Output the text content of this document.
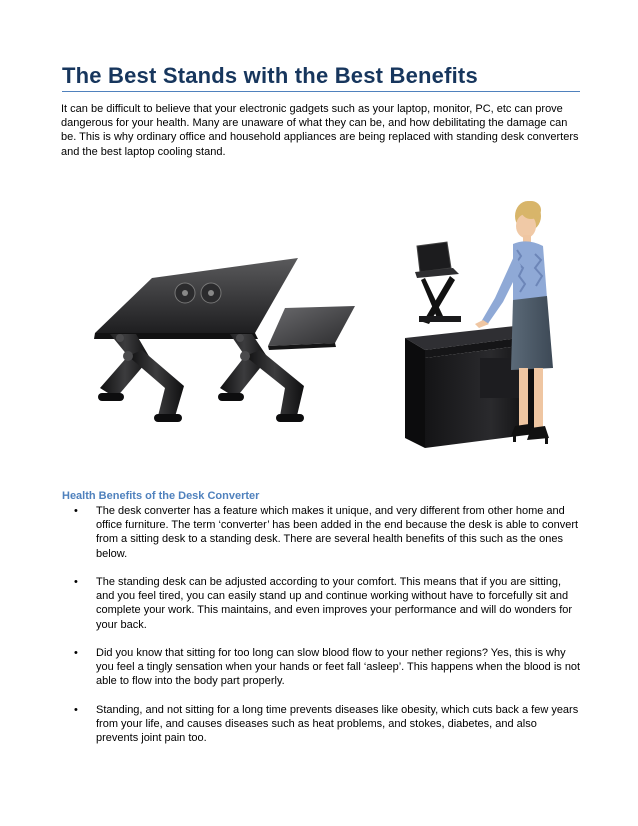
The Best Stands with the Best Benefits

It can be difficult to believe that your electronic gadgets such as your laptop, monitor, PC, etc can prove dangerous for your health. Many are unaware of what they can be, and how debilitating the damage can be. This is why ordinary office and household appliances are being replaced with standing desk converters and the best laptop cooling stand.

Health Benefits of the Desk Converter
• The desk converter has a feature which makes it unique, and very different from other home and office furniture. The term ‘converter’ has been added in the end because the desk is able to convert from a sitting desk to a standing desk. There are several health benefits of this such as the ones below.
• The standing desk can be adjusted according to your comfort. This means that if you are sitting, and you feel tired, you can easily stand up and continue working without have to forcefully sit and complete your work. This maintains, and even improves your performance and will do wonders for your back.
• Did you know that sitting for too long can slow blood flow to your nether regions? Yes, this is why you feel a tingly sensation when your hands or feet fall ‘asleep’. This happens when the blood is not able to flow into the body part properly.
• Standing, and not sitting for a long time prevents diseases like obesity, which cuts back a few years from your life, and causes diseases such as heat problems, and stokes, diabetes, and also prevents joint pain too.
